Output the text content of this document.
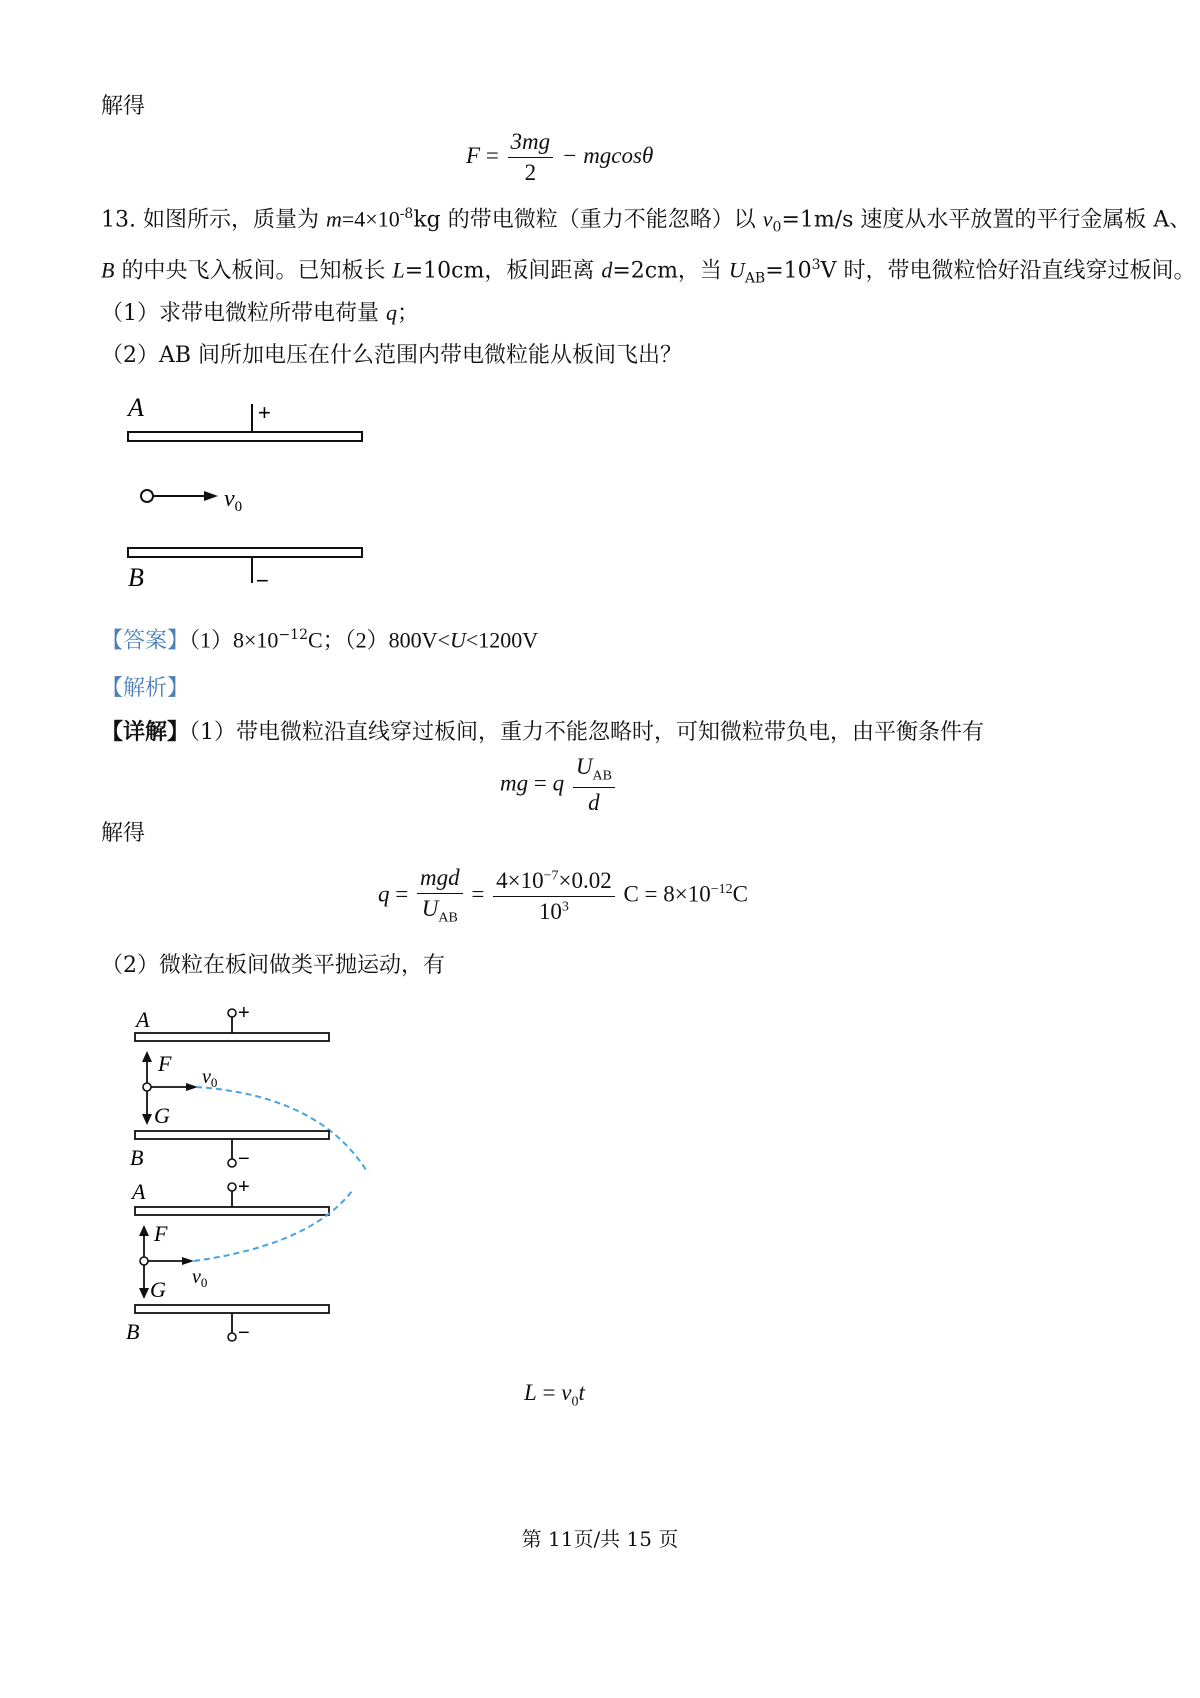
解得
$F = \frac{3mg}{2} - mgcos\theta$
13. 如图所示，质量为 $m=4\times 10^{-8}kg$ 的带电微粒（重力不能忽略）以 $v_0=1m/s$ 速度从水平放置的平行金属板 A、
B 的中央飞入板间。已知板长 L=10cm，板间距离 d=2cm，当 $U_{AB}=10^3V$ 时，带电微粒恰好沿直线穿过板间。
（1）求带电微粒所带电荷量 q；
（2）AB 间所加电压在什么范围内带电微粒能从板间飞出？
A	+
$v_0$
B	−
【答案】$(1)8\times 10^{-12}C$；（2）800V<U<1200V
【解析】
【详解】（1）带电微粒沿直线穿过板间，重力不能忽略时，可知微粒带负电，由平衡条件有
mg = q $\frac{U_{AB}}{d}$
解得
$q = \frac{\text{mgd}}{U_{AB}} = \frac{4\times 10^{-7}\times 0.02}{10^3}$ $C = 8\times 10^{-12}C$
（2）微粒在板间做类平抛运动，有
+
A
F
G
$v_0$
−
B
+
A
F
G $v_0$
−
B
$L = v_0t$
第 11页/共 15 页
